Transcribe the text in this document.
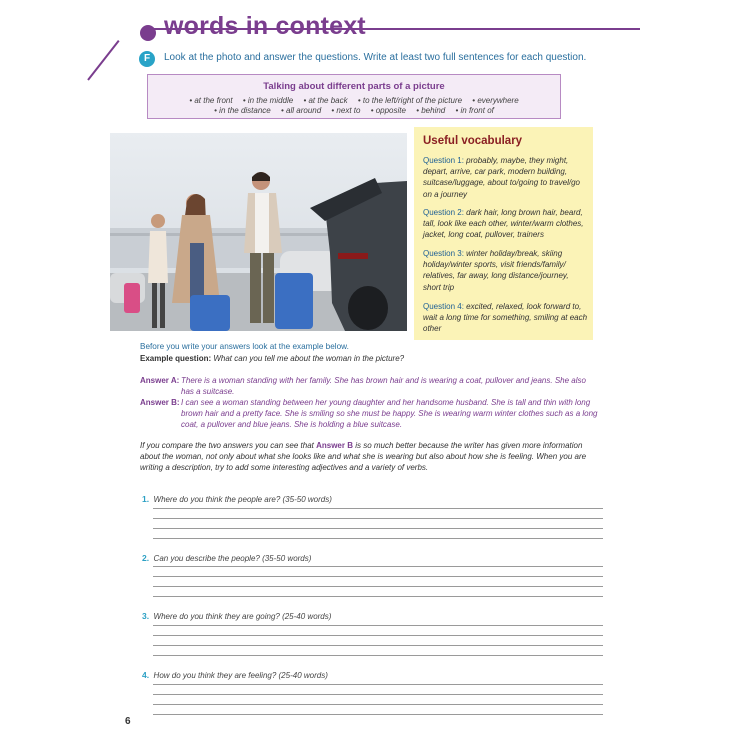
words in context
F	Look at the photo and answer the questions. Write at least two full sentences for each question.
Talking about different parts of a picture
• at the front • in the middle • at the back • to the left/right of the picture • everywhere
• in the distance • all around • next to • opposite • behind • in front of
Useful vocabulary
Question 1: probably, maybe, they might, depart, arrive, car park, modern building, suitcase/luggage, about to/going to travel/go on a journey
Question 2: dark hair, long brown hair, beard, tall, look like each other, winter/warm clothes, jacket, long coat, pullover, trainers
Question 3: winter holiday/break, skiing holiday/winter sports, visit friends/family/ relatives, far away, long distance/journey, short trip
Question 4: excited, relaxed, look forward to, wait a long time for something, smiling at each other
Before you write your answers look at the example below.
Example question: What can you tell me about the woman in the picture?
Answer A: There is a woman standing with her family. She has brown hair and is wearing a coat, pullover and jeans. She also has a suitcase.
Answer B: I can see a woman standing between her young daughter and her handsome husband. She is tall and thin with long brown hair and a pretty face. She is smiling so she must be happy. She is wearing warm winter clothes such as a long coat, a pullover and blue jeans. She is holding a blue suitcase.
If you compare the two answers you can see that Answer B is so much better because the writer has given more information about the woman, not only about what she looks like and what she is wearing but also about how she is feeling. When you are writing a description, try to add some interesting adjectives and a variety of verbs.
1. Where do you think the people are? (35-50 words)
2. Can you describe the people? (35-50 words)
3. Where do you think they are going? (25-40 words)
4. How do you think they are feeling? (25-40 words)
6
